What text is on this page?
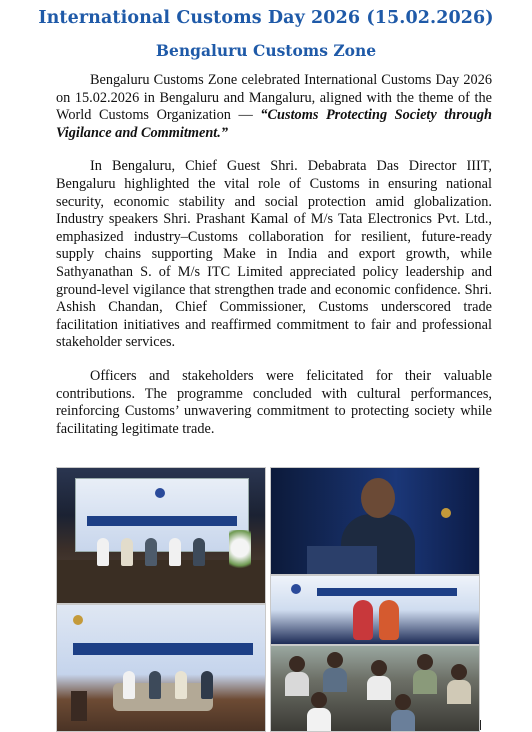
International Customs Day 2026 (15.02.2026)
Bengaluru Customs Zone

Bengaluru Customs Zone celebrated International Customs Day 2026 on 15.02.2026 in Bengaluru and Mangaluru, aligned with the theme of the World Customs Organization — “Customs Protecting Society through Vigilance and Commitment.”

In Bengaluru, Chief Guest Shri. Debabrata Das Director IIIT, Bengaluru highlighted the vital role of Customs in ensuring national security, economic stability and social protection amid globalization. Industry speakers Shri. Prashant Kamal of M/s Tata Electronics Pvt. Ltd., emphasized industry–Customs collaboration for resilient, future-ready supply chains supporting Make in India and export growth, while Sathyanathan S. of M/s ITC Limited appreciated policy leadership and ground-level vigilance that strengthen trade and economic confidence. Shri. Ashish Chandan, Chief Commissioner, Customs underscored trade facilitation initiatives and reaffirmed commitment to fair and professional stakeholder services.

Officers and stakeholders were felicitated for their valuable contributions. The programme concluded with cultural performances, reinforcing Customs’ unwavering commitment to protecting society while facilitating legitimate trade.
